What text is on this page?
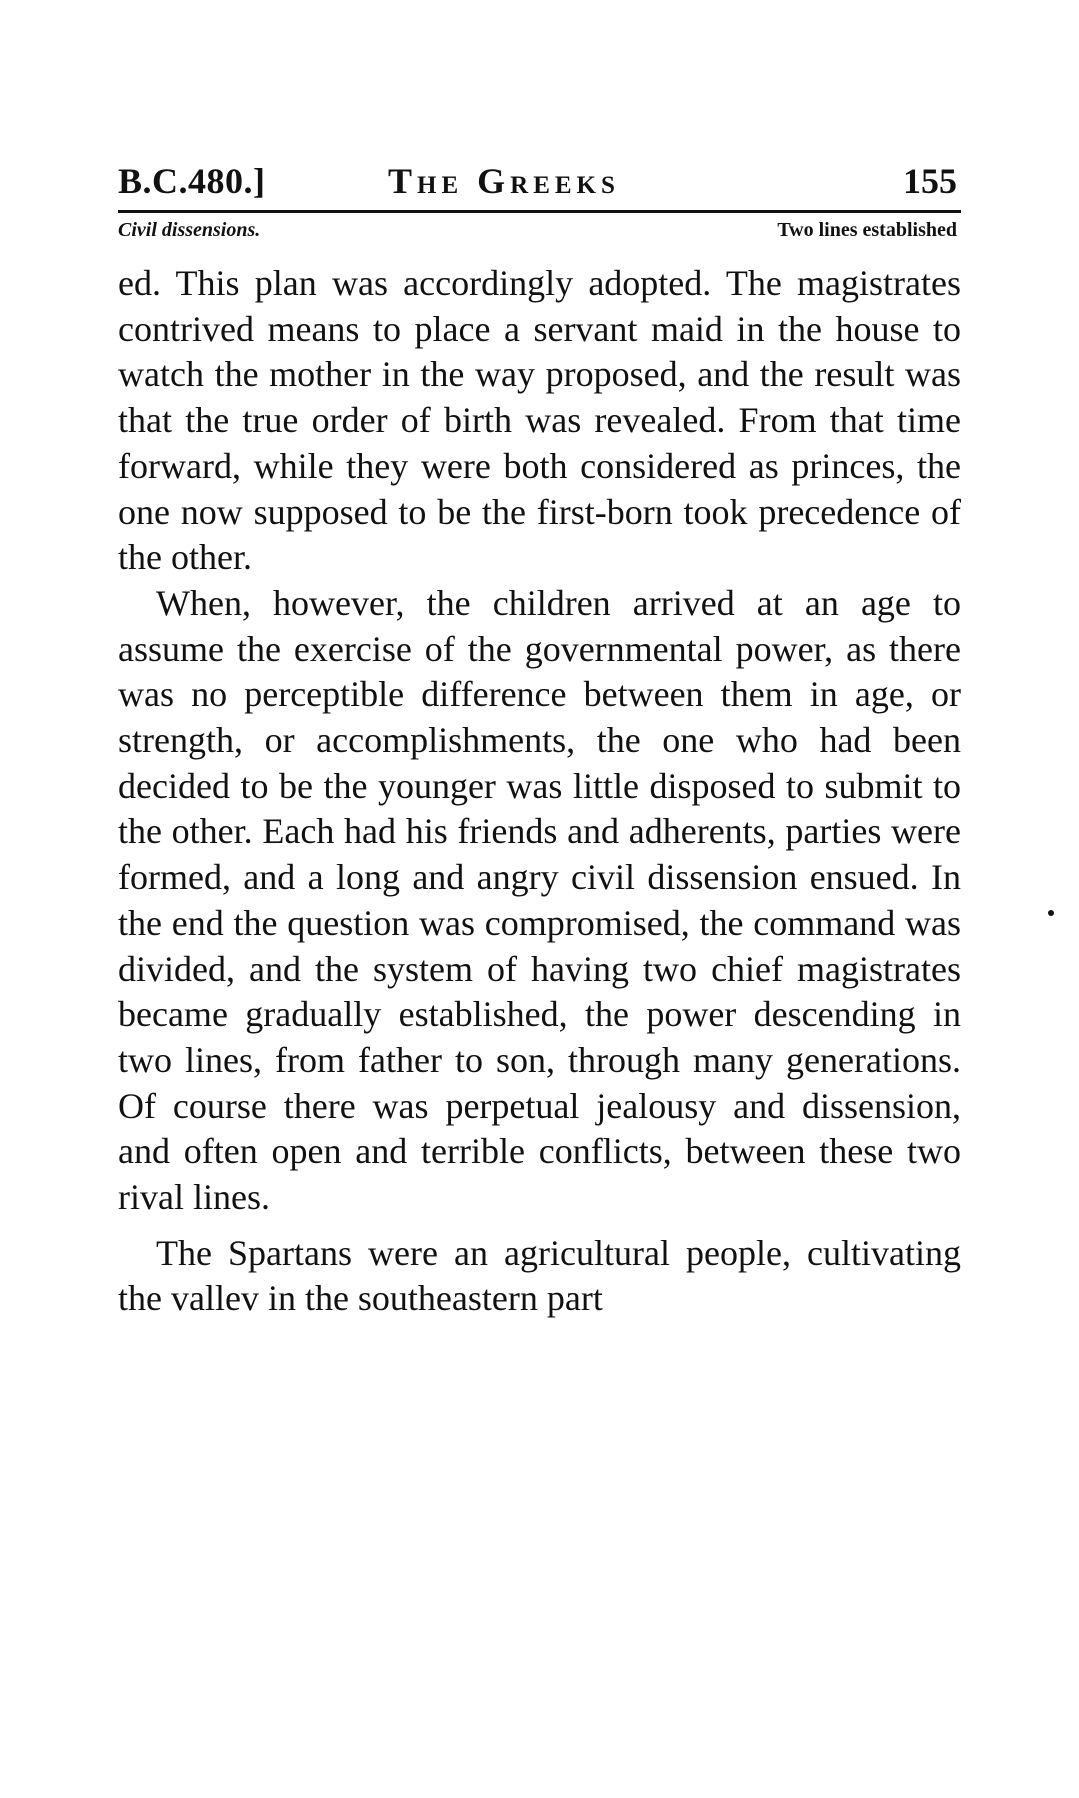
B.C.480.]	The Greeks	155
Civil dissensions.	Two lines established

ed. This plan was accordingly adopted. The magistrates contrived means to place a servant maid in the house to watch the mother in the way proposed, and the result was that the true order of birth was revealed. From that time forward, while they were both considered as princes, the one now supposed to be the first-born took precedence of the other.

When, however, the children arrived at an age to assume the exercise of the governmental power, as there was no perceptible difference between them in age, or strength, or accomplishments, the one who had been decided to be the younger was little disposed to submit to the other. Each had his friends and adherents, parties were formed, and a long and angry civil dissension ensued. In the end the question was compromised, the command was divided, and the system of having two chief magistrates became gradually established, the power descending in two lines, from father to son, through many generations. Of course there was perpetual jealousy and dissension, and often open and terrible conflicts, between these two rival lines.

The Spartans were an agricultural people, cultivating the vallev in the southeastern part
